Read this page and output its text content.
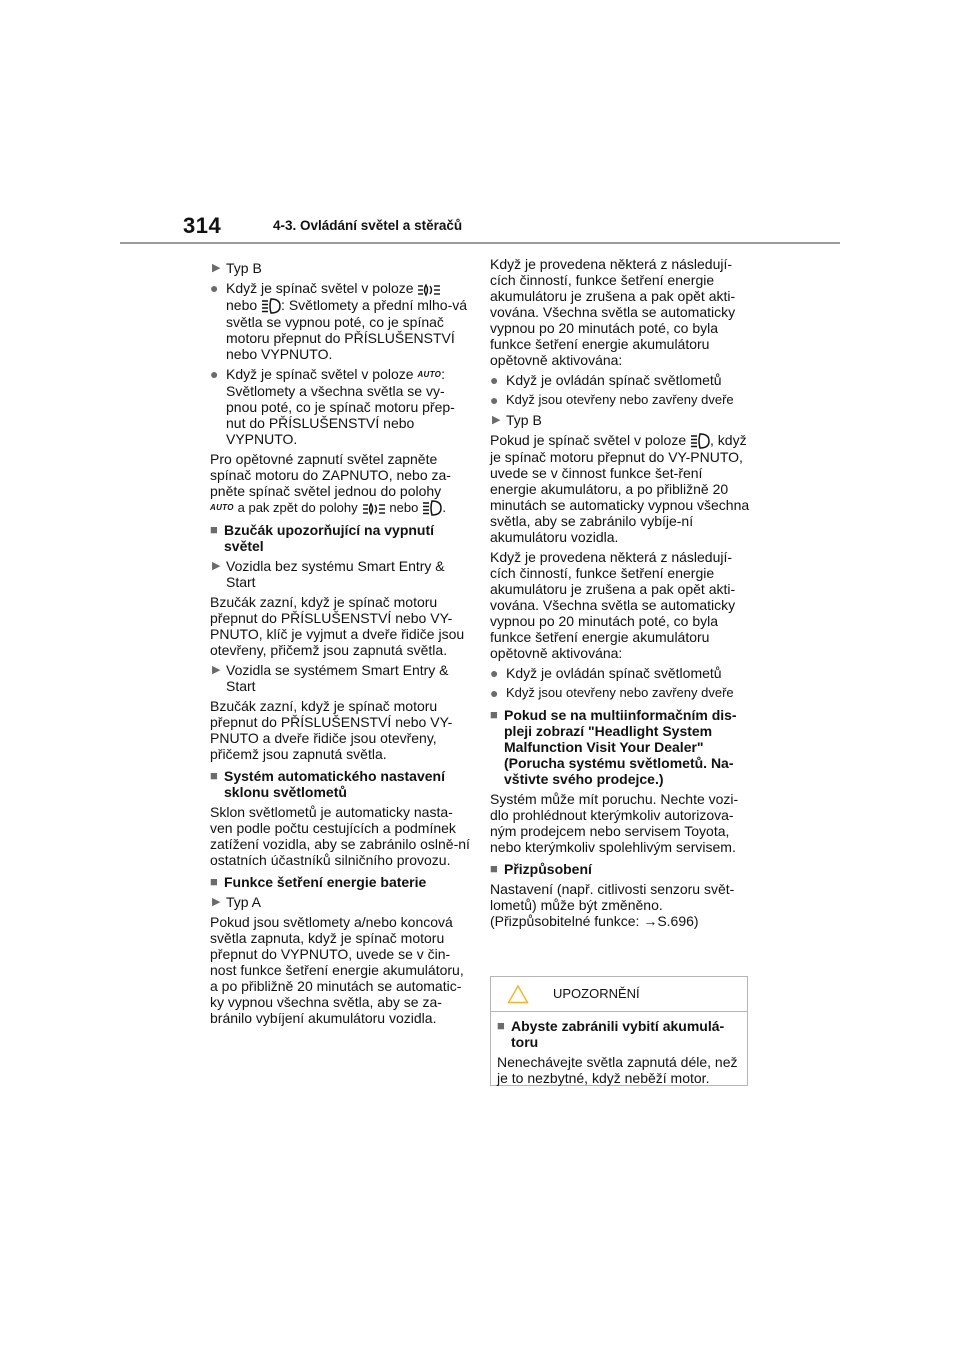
314	4-3. Ovládání světel a stěračů
▶ Typ B
● Když je spínač světel v poloze
nebo : Světlomety a přední mlho-vá světla se vypnou poté, co je spínač motoru přepnut do PŘÍSLUŠENSTVÍ nebo VYPNUTO.
● Když je spínač světel v poloze AUTO: Světlomety a všechna světla se vy-pnou poté, co je spínač motoru přep-nut do PŘÍSLUŠENSTVÍ nebo VYPNUTO.

Pro opětovné zapnutí světel zapněte spínač motoru do ZAPNUTO, nebo za-pněte spínač světel jednou do polohy
AUTO a pak zpět do polohy nebo .

■ Bzučák upozorňující na vypnutí světel
▶ Vozidla bez systému Smart Entry & Start

Bzučák zazní, když je spínač motoru přepnut do PŘÍSLUŠENSTVÍ nebo VY-PNUTO, klíč je vyjmut a dveře řidiče jsou otevřeny, přičemž jsou zapnutá světla.

▶ Vozidla se systémem Smart Entry & Start

Bzučák zazní, když je spínač motoru přepnut do PŘÍSLUŠENSTVÍ nebo VY-PNUTO a dveře řidiče jsou otevřeny, přičemž jsou zapnutá světla.

■ Systém automatického nastavení sklonu světlometů

Sklon světlometů je automaticky nasta-ven podle počtu cestujících a podmínek zatížení vozidla, aby se zabránilo oslně-ní ostatních účastníků silničního provozu.

■ Funkce šetření energie baterie
▶ Typ A

Pokud jsou světlomety a/nebo koncová světla zapnuta, když je spínač motoru přepnut do VYPNUTO, uvede se v čin-nost funkce šetření energie akumulátoru, a po přibližně 20 minutách se automatic-ky vypnou všechna světla, aby se za-bránilo vybíjení akumulátoru vozidla.

Když je provedena některá z následují-cích činností, funkce šetření energie akumulátoru je zrušena a pak opět akti-vována. Všechna světla se automaticky vypnou po 20 minutách poté, co byla funkce šetření energie akumulátoru opětovně aktivována:

● Když je ovládán spínač světlometů
● Když jsou otevřeny nebo zavřeny dveře
▶ Typ B

Pokud je spínač světel v poloze , když je spínač motoru přepnut do VY-PNUTO, uvede se v činnost funkce šet-ření energie akumulátoru, a po přibližně 20 minutách se automaticky vypnou všechna světla, aby se zabránilo vybíje-ní akumulátoru vozidla.

Když je provedena některá z následují-cích činností, funkce šetření energie akumulátoru je zrušena a pak opět akti-vována. Všechna světla se automaticky vypnou po 20 minutách poté, co byla funkce šetření energie akumulátoru opětovně aktivována:

● Když je ovládán spínač světlometů
● Když jsou otevřeny nebo zavřeny dveře
■ Pokud se na multiinformačním dis-pleji zobrazí "Headlight System Malfunction Visit Your Dealer" (Porucha systému světlometů. Na-vštivte svého prodejce.)

Systém může mít poruchu. Nechte vozi-dlo prohlédnout kterýmkoliv autorizova-ným prodejcem nebo servisem Toyota, nebo kterýmkoliv spolehlivým servisem.

■ Přizpůsobení

Nastavení (např. citlivosti senzoru svět-lometů) může být změněno. (Přizpůsobitelné funkce: →S.696)

UPOZORNĚNÍ
■ Abyste zabránili vybití akumulá-toru

Nenechávejte světla zapnutá déle, než je to nezbytné, když neběží motor.
